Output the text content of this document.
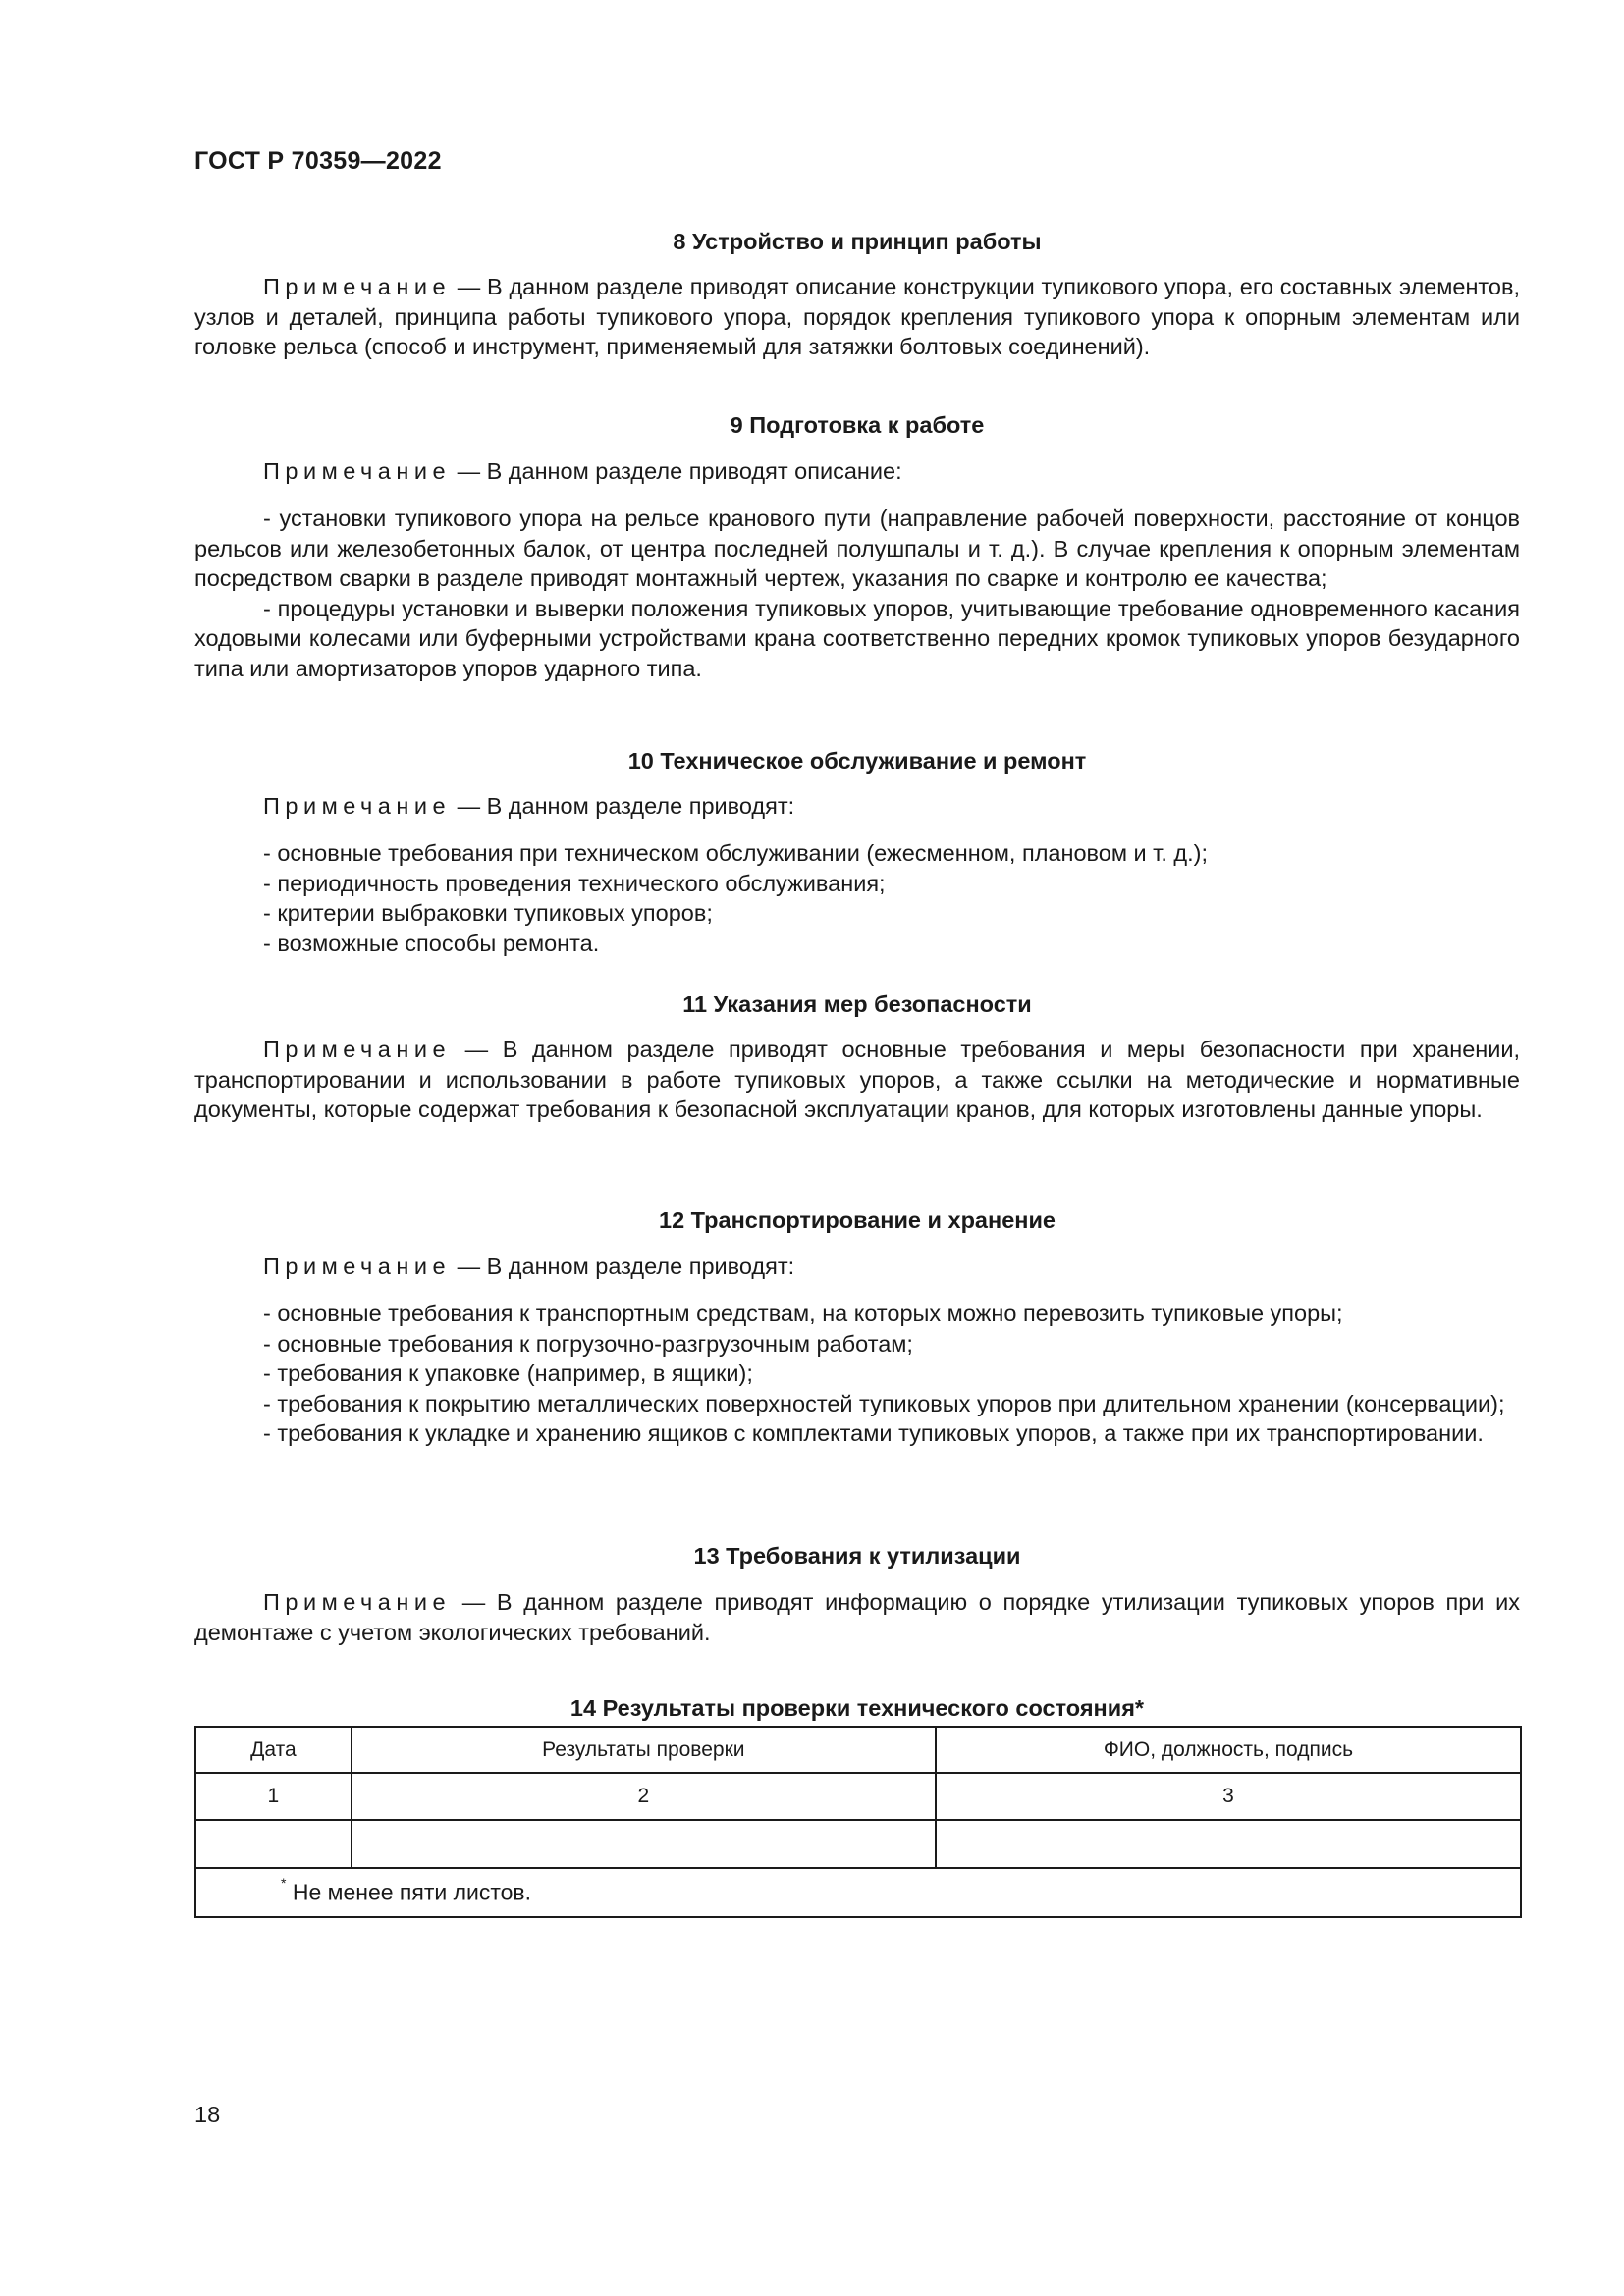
ГОСТ Р 70359—2022
8 Устройство и принцип работы
Примечание — В данном разделе приводят описание конструкции тупикового упора, его составных элементов, узлов и деталей, принципа работы тупикового упора, порядок крепления тупикового упора к опорным элементам или головке рельса (способ и инструмент, применяемый для затяжки болтовых соединений).
9 Подготовка к работе
Примечание — В данном разделе приводят описание:

- установки тупикового упора на рельсе кранового пути (направление рабочей поверхности, расстояние от концов рельсов или железобетонных балок, от центра последней полушпалы и т. д.). В случае крепления к опорным элементам посредством сварки в разделе приводят монтажный чертеж, указания по сварке и контролю ее качества;

- процедуры установки и выверки положения тупиковых упоров, учитывающие требование одновременного касания ходовыми колесами или буферными устройствами крана соответственно передних кромок тупиковых упоров безударного типа или амортизаторов упоров ударного типа.

10 Техническое обслуживание и ремонт
Примечание — В данном разделе приводят:

- основные требования при техническом обслуживании (ежесменном, плановом и т. д.);

- периодичность проведения технического обслуживания;

- критерии выбраковки тупиковых упоров;

- возможные способы ремонта.

11 Указания мер безопасности
Примечание — В данном разделе приводят основные требования и меры безопасности при хранении, транспортировании и использовании в работе тупиковых упоров, а также ссылки на методические и нормативные документы, которые содержат требования к безопасной эксплуатации кранов, для которых изготовлены данные упоры.
12 Транспортирование и хранение
Примечание — В данном разделе приводят:

- основные требования к транспортным средствам, на которых можно перевозить тупиковые упоры;

- основные требования к погрузочно-разгрузочным работам;

- требования к упаковке (например, в ящики);

- требования к покрытию металлических поверхностей тупиковых упоров при длительном хранении (консервации);

- требования к укладке и хранению ящиков с комплектами тупиковых упоров, а также при их транспортировании.

13 Требования к утилизации
Примечание — В данном разделе приводят информацию о порядке утилизации тупиковых упоров при их демонтаже с учетом экологических требований.
14 Результаты проверки технического состояния*
Дата	Результаты проверки	ФИО, должность, подпись
1	2	3

* Не менее пяти листов.		
18
